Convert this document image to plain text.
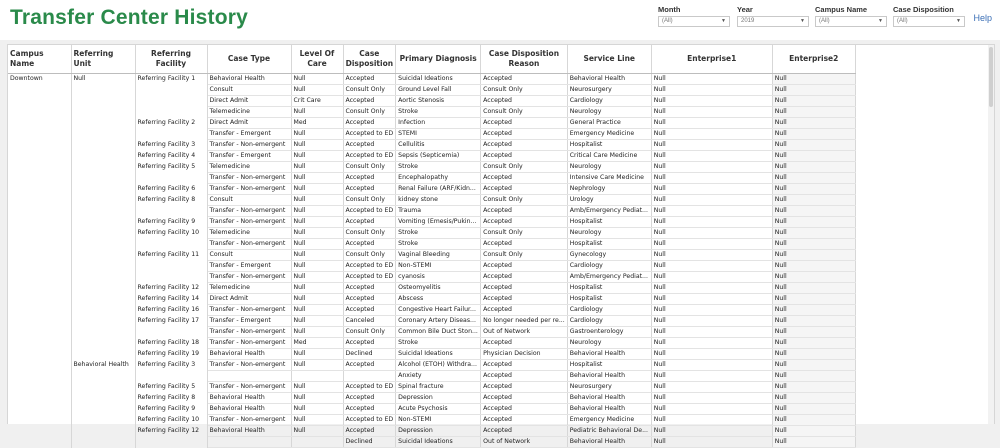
Transfer Center History	Month
(All)	▼
Year
2019	▼
Campus Name
(All)	▼
Case Disposition
(All)	▼ Help
Campus Name	Referring Unit	Referring Facility	Case Type	Level Of Care	Case Disposition	Primary Diagnosis	Case Disposition Reason	Service Line	Enterprise1	Enterprise2
Downtown	Null	Referring Facility 1	Behavioral Health	Null	Accepted	Suicidal Ideations	Accepted	Behavioral Health	Null	Null
			Consult	Null	Consult Only	Ground Level Fall	Consult Only	Neurosurgery	Null	Null
			Direct Admit	Crit Care	Accepted	Aortic Stenosis	Accepted	Cardiology	Null	Null
			Telemedicine	Null	Consult Only	Stroke	Consult Only	Neurology	Null	Null
		Referring Facility 2	Direct Admit	Med	Accepted	Infection	Accepted	General Practice	Null	Null
			Transfer - Emergent	Null	Accepted to ED	STEMI	Accepted	Emergency Medicine	Null	Null
		Referring Facility 3	Transfer - Non-emergent	Null	Accepted	Cellulitis	Accepted	Hospitalist	Null	Null
		Referring Facility 4	Transfer - Emergent	Null	Accepted to ED	Sepsis (Septicemia)	Accepted	Critical Care Medicine	Null	Null
		Referring Facility 5	Telemedicine	Null	Consult Only	Stroke	Consult Only	Neurology	Null	Null
			Transfer - Non-emergent	Null	Accepted	Encephalopathy	Accepted	Intensive Care Medicine	Null	Null
		Referring Facility 6	Transfer - Non-emergent	Null	Accepted	Renal Failure (ARF/Kidn...	Accepted	Nephrology	Null	Null
		Referring Facility 8	Consult	Null	Consult Only	kidney stone	Consult Only	Urology	Null	Null
			Transfer - Non-emergent	Null	Accepted to ED	Trauma	Accepted	Amb/Emergency Pediat...	Null	Null
		Referring Facility 9	Transfer - Non-emergent	Null	Accepted	Vomiting (Emesis/Pukin...	Accepted	Hospitalist	Null	Null
		Referring Facility 10	Telemedicine	Null	Consult Only	Stroke	Consult Only	Neurology	Null	Null
			Transfer - Non-emergent	Null	Accepted	Stroke	Accepted	Hospitalist	Null	Null
		Referring Facility 11	Consult	Null	Consult Only	Vaginal Bleeding	Consult Only	Gynecology	Null	Null
			Transfer - Emergent	Null	Accepted to ED	Non-STEMI	Accepted	Cardiology	Null	Null
			Transfer - Non-emergent	Null	Accepted to ED	cyanosis	Accepted	Amb/Emergency Pediat...	Null	Null
		Referring Facility 12	Telemedicine	Null	Accepted	Osteomyelitis	Accepted	Hospitalist	Null	Null
		Referring Facility 14	Direct Admit	Null	Accepted	Abscess	Accepted	Hospitalist	Null	Null
		Referring Facility 16	Transfer - Non-emergent	Null	Accepted	Congestive Heart Failur...	Accepted	Cardiology	Null	Null
		Referring Facility 17	Transfer - Emergent	Null	Canceled	Coronary Artery Diseas...	No longer needed per re...	Cardiology	Null	Null
			Transfer - Non-emergent	Null	Consult Only	Common Bile Duct Ston...	Out of Network	Gastroenterology	Null	Null
		Referring Facility 18	Transfer - Non-emergent	Med	Accepted	Stroke	Accepted	Neurology	Null	Null
		Referring Facility 19	Behavioral Health	Null	Declined	Suicidal Ideations	Physician Decision	Behavioral Health	Null	Null
	Behavioral Health	Referring Facility 3	Transfer - Non-emergent	Null	Accepted	Alcohol (ETOH) Withdra...	Accepted	Hospitalist	Null	Null
						Anxiety	Accepted	Behavioral Health	Null	Null
		Referring Facility 5	Transfer - Non-emergent	Null	Accepted to ED	Spinal fracture	Accepted	Neurosurgery	Null	Null
		Referring Facility 8	Behavioral Health	Null	Accepted	Depression	Accepted	Behavioral Health	Null	Null
		Referring Facility 9	Behavioral Health	Null	Accepted	Acute Psychosis	Accepted	Behavioral Health	Null	Null
		Referring Facility 10	Transfer - Non-emergent	Null	Accepted to ED	Non-STEMI	Accepted	Emergency Medicine	Null	Null
		Referring Facility 12	Behavioral Health	Null	Accepted	Depression	Accepted	Pediatric Behavioral De...	Null	Null
					Declined	Suicidal Ideations	Out of Network	Behavioral Health	Null	Null
